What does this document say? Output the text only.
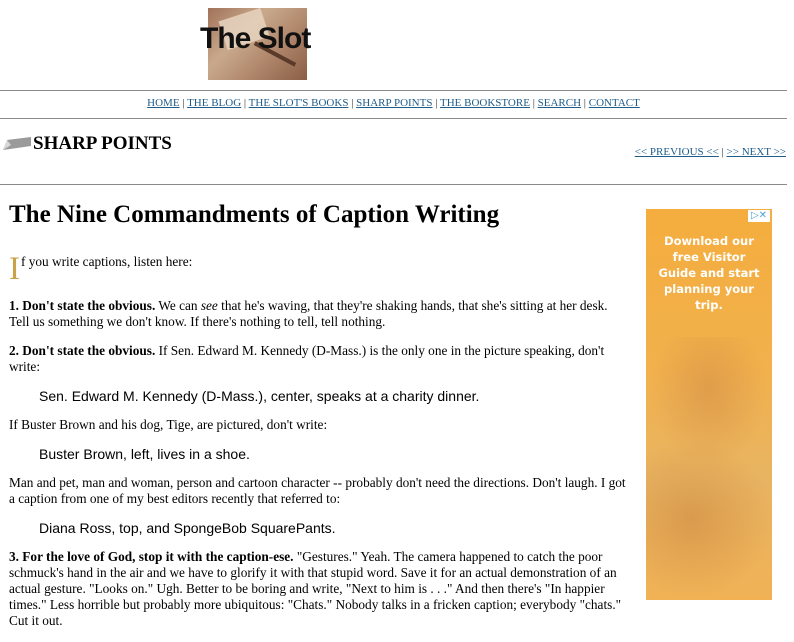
The Slot
HOME | THE BLOG | THE SLOT'S BOOKS | SHARP POINTS | THE BOOKSTORE | SEARCH | CONTACT
SHARP POINTS	<< PREVIOUS << | >> NEXT >>
The Nine Commandments of Caption Writing
I f you write captions, listen here:

1. Don't state the obvious. We can see that he's waving, that they're shaking hands, that she's sitting at her desk. Tell us something we don't know. If there's nothing to tell, tell nothing.

2. Don't state the obvious. If Sen. Edward M. Kennedy (D-Mass.) is the only one in the picture speaking, don't write:

Sen. Edward M. Kennedy (D-Mass.), center, speaks at a charity dinner.

If Buster Brown and his dog, Tige, are pictured, don't write:

Buster Brown, left, lives in a shoe.

Man and pet, man and woman, person and cartoon character -- probably don't need the directions. Don't laugh. I got a caption from one of my best editors recently that referred to:

Diana Ross, top, and SpongeBob SquarePants.

3. For the love of God, stop it with the caption-ese. "Gestures." Yeah. The camera happened to catch the poor schmuck's hand in the air and we have to glorify it with that stupid word. Save it for an actual demonstration of an actual gesture. "Looks on." Ugh. Better to be boring and write, "Next to him is . . ." And then there's "In happier times." Less horrible but probably more ubiquitous: "Chats." Nobody talks in a fricken caption; everybody "chats." Cut it out.

▷✕
Download our free Visitor Guide and start planning your trip.
